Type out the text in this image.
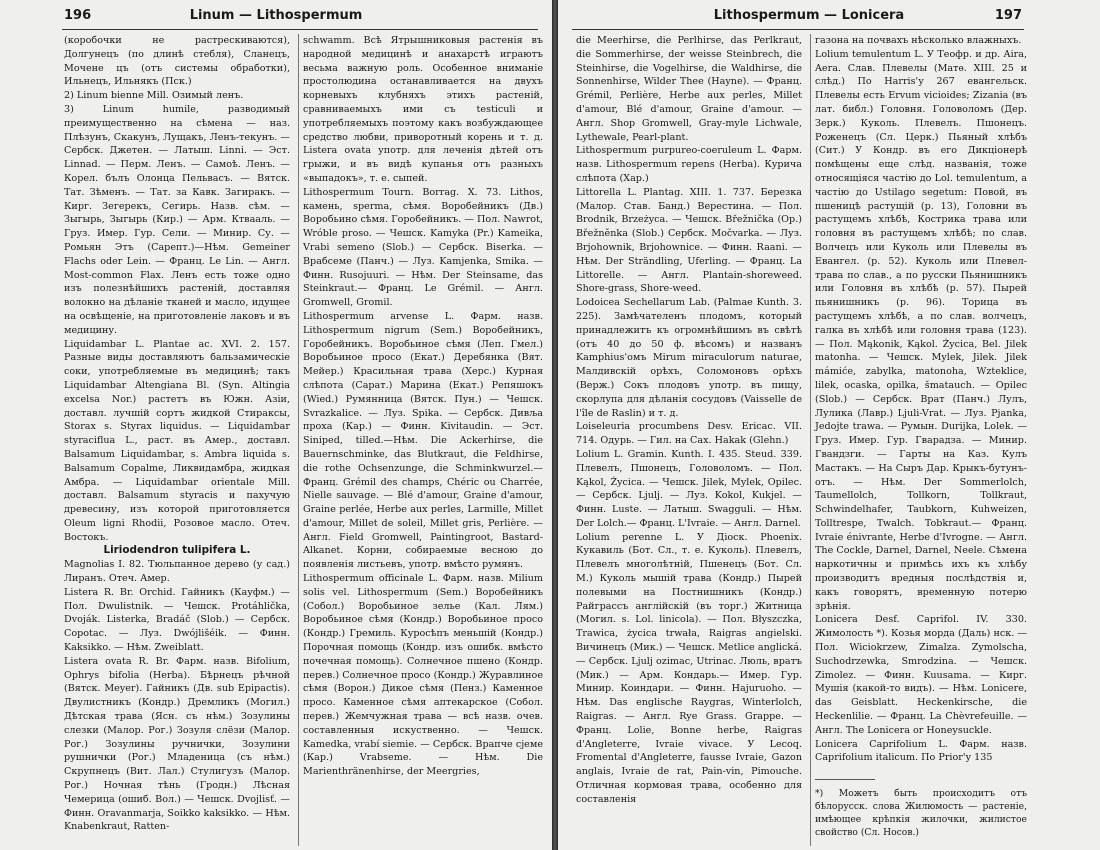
196	Linum — Lithospermum

(коробочки не растрескиваются), Долгунецъ (по длинѣ стебля), Сланецъ, Мочене цъ (отъ системы обработки), Ильнецъ, Ильнякъ (Пск.)

2) Linum bienne Mill. Озимый ленъ.

3) Linum humile, разводимый преимущественно на сѣмена — наз. Плѣзунъ, Скакунъ, Лущакъ, Ленъ-текунъ. — Сербск. Джетен. — Латыш. Linni. — Эст. Linnad. — Перм. Ленъ. — Самоѣ. Ленъ. — Корел. бълъ Олонца Пельвасъ. — Вятск. Тат. Зѣменъ. — Тат. за Кавк. Загиракъ. — Кирг. Зегерекъ, Сегирь. Назв. сѣм. — Зыгырь, Зыгырь (Кир.) — Арм. Ктвааль. — Груз. Имер. Гур. Сели. — Минир. Су. — Ромьян Этъ (Сарепт.)—Нѣм. Gemeiner Flachs oder Lein. — Франц. Le Lin. — Англ. Most-common Flax. Ленъ есть тоже одно изъ полезнѣйшихъ растеній, доставляя волокно на дѣланіе тканей и масло, идущее на освѣщеніе, на приготовленіе лаковъ и въ медицину.

Liquidambar L. Plantae ac. XVI. 2. 157. Разные виды доставляютъ бальзамическіе соки, употребляемые въ медицинѣ; такъ Liquidambar Altengiana Bl. (Syn. Altingia excelsa Nor.) растетъ въ Южн. Азіи, доставл. лучшій сортъ жидкой Стираксы, Storax s. Styrax liquidus. — Liquidambar styraciflua L., раст. въ Амер., доставл. Balsamum Liquidambar, s. Ambra liquida s. Balsamum Copalme, Ликвидамбра, жидкая Амбра. — Liquidambar orientale Mill. доставл. Balsamum styracis и пахучую древесину, изъ которой приготовляется Oleum ligni Rhodii, Розовое масло. Отеч. Востокъ.

Liriodendron tulipifera L.

Magnolias I. 82. Тюльпанное дерево (у сад.) Лиранъ. Отеч. Амер.

Listera R. Br. Orchid. Гайникъ (Кауфм.) — Пол. Dwulistnik. — Чешск. Protáhlička, Dvoják. Listerka, Bradáč (Slob.) — Сербск. Copotac. — Луз. Dwójlišéik. — Финн. Kaksikko. — Нѣм. Zweiblatt.

Listera ovata R. Br. Фарм. назв. Bifolium, Ophrys bifolia (Herba). Бѣрнецъ рѣчной (Вятск. Meyer). Гайникъ (Дв. sub Epipactis). Двулистникъ (Кондр.) Дремликъ (Могил.) Дѣтская трава (Ясн. съ нѣм.) Зозулины слезки (Малор. Рог.) Зозуля слёзи (Малор. Рог.) Зозулины ручнички, Зозулини рушнички (Рог.) Младеница (съ нѣм.) Скрупнецъ (Вит. Лал.) Стулигузъ (Малор. Рог.) Ночная тѣнь (Гродн.) Лѣсная Чемерица (ошиб. Вол.) — Чешск. Dvojlisť. — Финн. Oravanmarja, Soikko kaksikko. — Нѣм. Knabenkraut, Ratten-

schwamm. Всѣ Ятрышниковыя растенія въ народной медицинѣ и анахарстѣ играютъ весьма важную роль. Особенное вниманіе простолюдина останавливается на двухъ корневыхъ клубняхъ этихъ растеній, сравниваемыхъ ими съ testiculi и употребляемыхъ поэтому какъ возбуждающее средство любви, приворотный корень и т. д. Listera ovata употр. для леченія дѣтей отъ грыжи, и въ видѣ купанья отъ разныхъ «выпадокъ», т. е. сыпей.

Lithospermum Tourn. Borrag. X. 73. Lithos, камень, sperma, сѣмя. Воробейникъ (Дв.) Воробьино сѣмя. Горобейникъ. — Пол. Nawrot, Wróble proso. — Чешск. Kamyka (Pr.) Kameika, Vrabi semeno (Slob.) — Сербск. Biserka. — Врабсеме (Панч.) — Луз. Kamjenka, Smika. — Финн. Rusojuuri. — Нѣм. Der Steinsame, das Steinkraut.— Франц. Le Grémil. — Англ. Gromwell, Gromil.

Lithospermum arvense L. Фарм. назв. Lithospermum nigrum (Sem.) Воробейникъ, Горобейникъ. Воробьиное сѣмя (Леп. Гмел.) Воробьиное просо (Екат.) Деребянка (Вят. Мейер.) Красильная трава (Херс.) Курная слѣпота (Сарат.) Марина (Екат.) Репяшокъ (Wied.) Румянница (Вятск. Пун.) — Чешск. Svrazkalice. — Луз. Spika. — Сербск. Дивља проха (Кар.) — Финн. Kivitaudin. — Эст. Siniped, tilled.—Нѣм. Die Ackerhirse, die Bauernschminke, das Blutkraut, die Feldhirse, die rothe Ochsenzunge, die Schminkwurzel.—Франц. Grémil des champs, Chéric ou Charrée, Nielle sauvage. — Blé d'amour, Graine d'amour, Graine perlée, Herbe aux perles, Larmille, Millet d'amour, Millet de soleil, Millet gris, Perlière. — Англ. Field Gromwell, Paintingroot, Bastard-Alkanet. Корни, собираемые весною до появленія листьевъ, употр. вмѣсто румянъ.

Lithospermum officinale L. Фарм. назв. Milium solis vel. Lithospermum (Sem.) Воробейникъ (Собол.) Воробьиное зелье (Кал. Лям.) Воробьиное сѣмя (Кондр.) Воробьиное просо (Кондр.) Гремиль. Куросѣпъ меньшій (Кондр.) Порочная помощь (Кондр. изъ ошибк. вмѣсто почечная помощь). Солнечное пшено (Кондр. перев.) Солнечное просо (Кондр.) Журавлиное сѣмя (Ворон.) Дикое сѣмя (Пенз.) Каменное просо. Каменное сѣмя аптекарское (Собол. перев.) Жемчужная трава — всѣ назв. очев. составленныя искуственно. — Чешск. Kamedka, vrabí siemie. — Сербск. Врапче сјеме (Кар.) Vrabseme. — Нѣм. Die Marienthränenhirse, der Meergries,

Lithospermum — Lonicera	197

die Meerhirse, die Perlhirse, das Perlkraut, die Sommerhirse, der weisse Steinbrech, die Steinhirse, die Vogelhirse, die Waldhirse, die Sonnenhirse, Wilder Thee (Hayne). — Франц. Grémil, Perlière, Herbe aux perles, Millet d'amour, Blé d'amour, Graine d'amour. — Англ. Shop Gromwell, Gray-myle Lichwale, Lythewale, Pearl-plant.

Lithospermum purpureo-coeruleum L. Фарм. назв. Lithospermum repens (Herba). Курича слѣпота (Хар.)

Littorella L. Plantag. XIII. 1. 737. Березка (Малор. Став. Банд.) Верестина. — Пол. Brodnik, Brzeżyca. — Чешск. Břežnička (Ор.) Břežněnka (Slob.) Сербск. Močvarka. — Луз. Brjohownik, Brjohowniсе. — Финн. Raani. — Нѣм. Der Strändling, Uferling. — Франц. La Littorelle. — Англ. Plantain-shoreweed. Shore-grass, Shore-weed.

Lodoicea Sechellarum Lab. (Palmae Kunth. 3. 225). Замѣчателенъ плодомъ, который принадлежитъ къ огромнѣйшимъ въ свѣтѣ (отъ 40 до 50 ф. вѣсомъ) и названъ Kamphius'омъ Mirum miraculorum naturae, Малдивскій орѣхъ, Соломоновъ орѣхъ (Верж.) Сокъ плодовъ употр. въ пищу, скорлупа для дѣланія сосудовъ (Vaisselle de l'île de Raslin) и т. д.

Loiseleuria procumbens Desv. Ericac. VII. 714. Одурь. — Гил. на Сах. Hakak (Glehn.)

Lolium L. Gramin. Kunth. I. 435. Steud. 339. Плевелъ, Пшонецъ, Головоломъ. — Пол. Kąkol, Życica. — Чешск. Jilek, Mylek, Opilec. — Сербск. Ljulj. — Луз. Kokol, Kukjel. — Финн. Luste. — Латыш. Swagguli. — Нѣм. Der Lolch.— Франц. L'Ivraie. — Англ. Darnel.

Lolium perenne L. У Діоск. Phoenix. Кукавиль (Бот. Сл., т. е. Куколь). Плевелъ, Плевелъ многолѣтній, Пшенецъ (Бот. Сл. M.) Куколь мышій трава (Кондр.) Пырей полевыми на Постнишникъ (Кондр.) Райграссъ англійскій (въ торг.) Житница (Могил. s. Lol. linicola). — Пол. Błyszczka, Trawica, życica trwała, Raigras angielski. Вичинецъ (Мик.) — Чешск. Metlice anglická. — Сербск. Ljulj ozimac, Utrinac. Люль, вратъ (Мик.) — Арм. Кондарь.— Имер. Гур. Минир. Коиндари. — Финн. Hajuruoho. — Нѣм. Das englische Raygras, Winterlolch, Raigras. — Англ. Rye Grass. Grappe. — Франц. Lolie, Bonne herbe, Raigras d'Angleterre, Ivraie vivace. У Lecoq. Fromental d'Angleterre, fausse Ivraie, Gazon anglais, Ivraie de rat, Pain-vin, Pimouche. Отличная кормовая трава, особенно для составленія

газона на почвахъ нѣсколько влажныхъ.

Lolium temulentum L. У Теофр. и др. Aira, Aera. Слав. Плевелы (Матѳ. XIII. 25 и слѣд.) По Harris'у 267 евангельск. Плевелы есть Ervum vicioides; Zizania (въ лат. библ.) Головня. Головоломъ (Дер. Зерк.) Куколь. Плевелъ. Пшонецъ. Роженецъ (Сл. Церк.) Пьяный хлѣбъ (Сит.) У Кондр. въ его Дикціонерѣ помѣщены еще слѣд. названія, тоже относящіяся частію до Lol. temulentum, а частію до Ustilago segetum: Повой, въ пшеницѣ растущій (р. 13), Головни въ растущемъ хлѣбѣ, Кострика трава или головня въ растущемъ хлѣбѣ; по слав. Волчецъ или Куколь или Плевелы въ Евангел. (р. 52). Куколь или Плевел-трава по слав., а по русски Пьянишникъ или Головня въ хлѣбѣ (р. 57). Пырей пьянишникъ (р. 96). Торица въ растущемъ хлѣбѣ, а по слав. волчецъ, галка въ хлѣбѣ или головня трава (123). — Пол. Mąkonik, Kąkol. Życica, Bel. Jilek matonha. — Чешск. Mylek, Jilek. Jilek mámiće, zabylka, matonoha, Wzteklice, lilek, ocaska, opilka, šmatauch. — Opilec (Slob.) — Сербск. Врат (Панч.) Лулъ, Лулика (Лавр.) Ljuli-Vrat. — Луз. Pjanka, Jedojte trawa. — Румын. Durijka, Lolek. — Груз. Имер. Гур. Гварадза. — Минир. Гвандзги. — Гарты на Каз. Кулъ Мастакъ. — На Сыръ Дар. Крыкъ-бутунъ-отъ. — Нѣм. Der Sommerlolch, Taumellolch, Tollkorn, Tollkraut, Schwindelhafer, Taubkorn, Kuhweizen, Tolltrespe, Twalch. Tobkraut.— Франц. Ivraie énivrante, Herbe d'Ivrogne. — Англ. The Cockle, Darnel, Darnel, Neele. Сѣмена наркотичны и примѣсь ихъ къ хлѣбу производитъ вредныя послѣдствія и, какъ говорятъ, временную потерю зрѣнія.

Lonicera Desf. Caprifol. IV. 330. Жимолость *). Козья морда (Даль) нск. — Пол. Wiciokrzew, Zimalza. Zymolscha, Suchodrzewka, Smrodzina. — Чешск. Zimolez. — Финн. Kuusama. — Кирг. Мушія (какой-то видъ). — Нѣм. Lonicere, das Geisblatt. Heckenkirsche, die Heckenlilie. — Франц. La Chèvrefeuille. — Англ. The Lonicera or Honeysuckle.

Lonicera Caprifolium L. Фарм. назв. Caprifolium italicum. По Prior'у 135

*) Можетъ быть происходитъ отъ бѣлорусск. слова Жилюмость — растеніе, имѣющее крѣпкія жилочки, жилистое свойство (Сл. Носов.)
